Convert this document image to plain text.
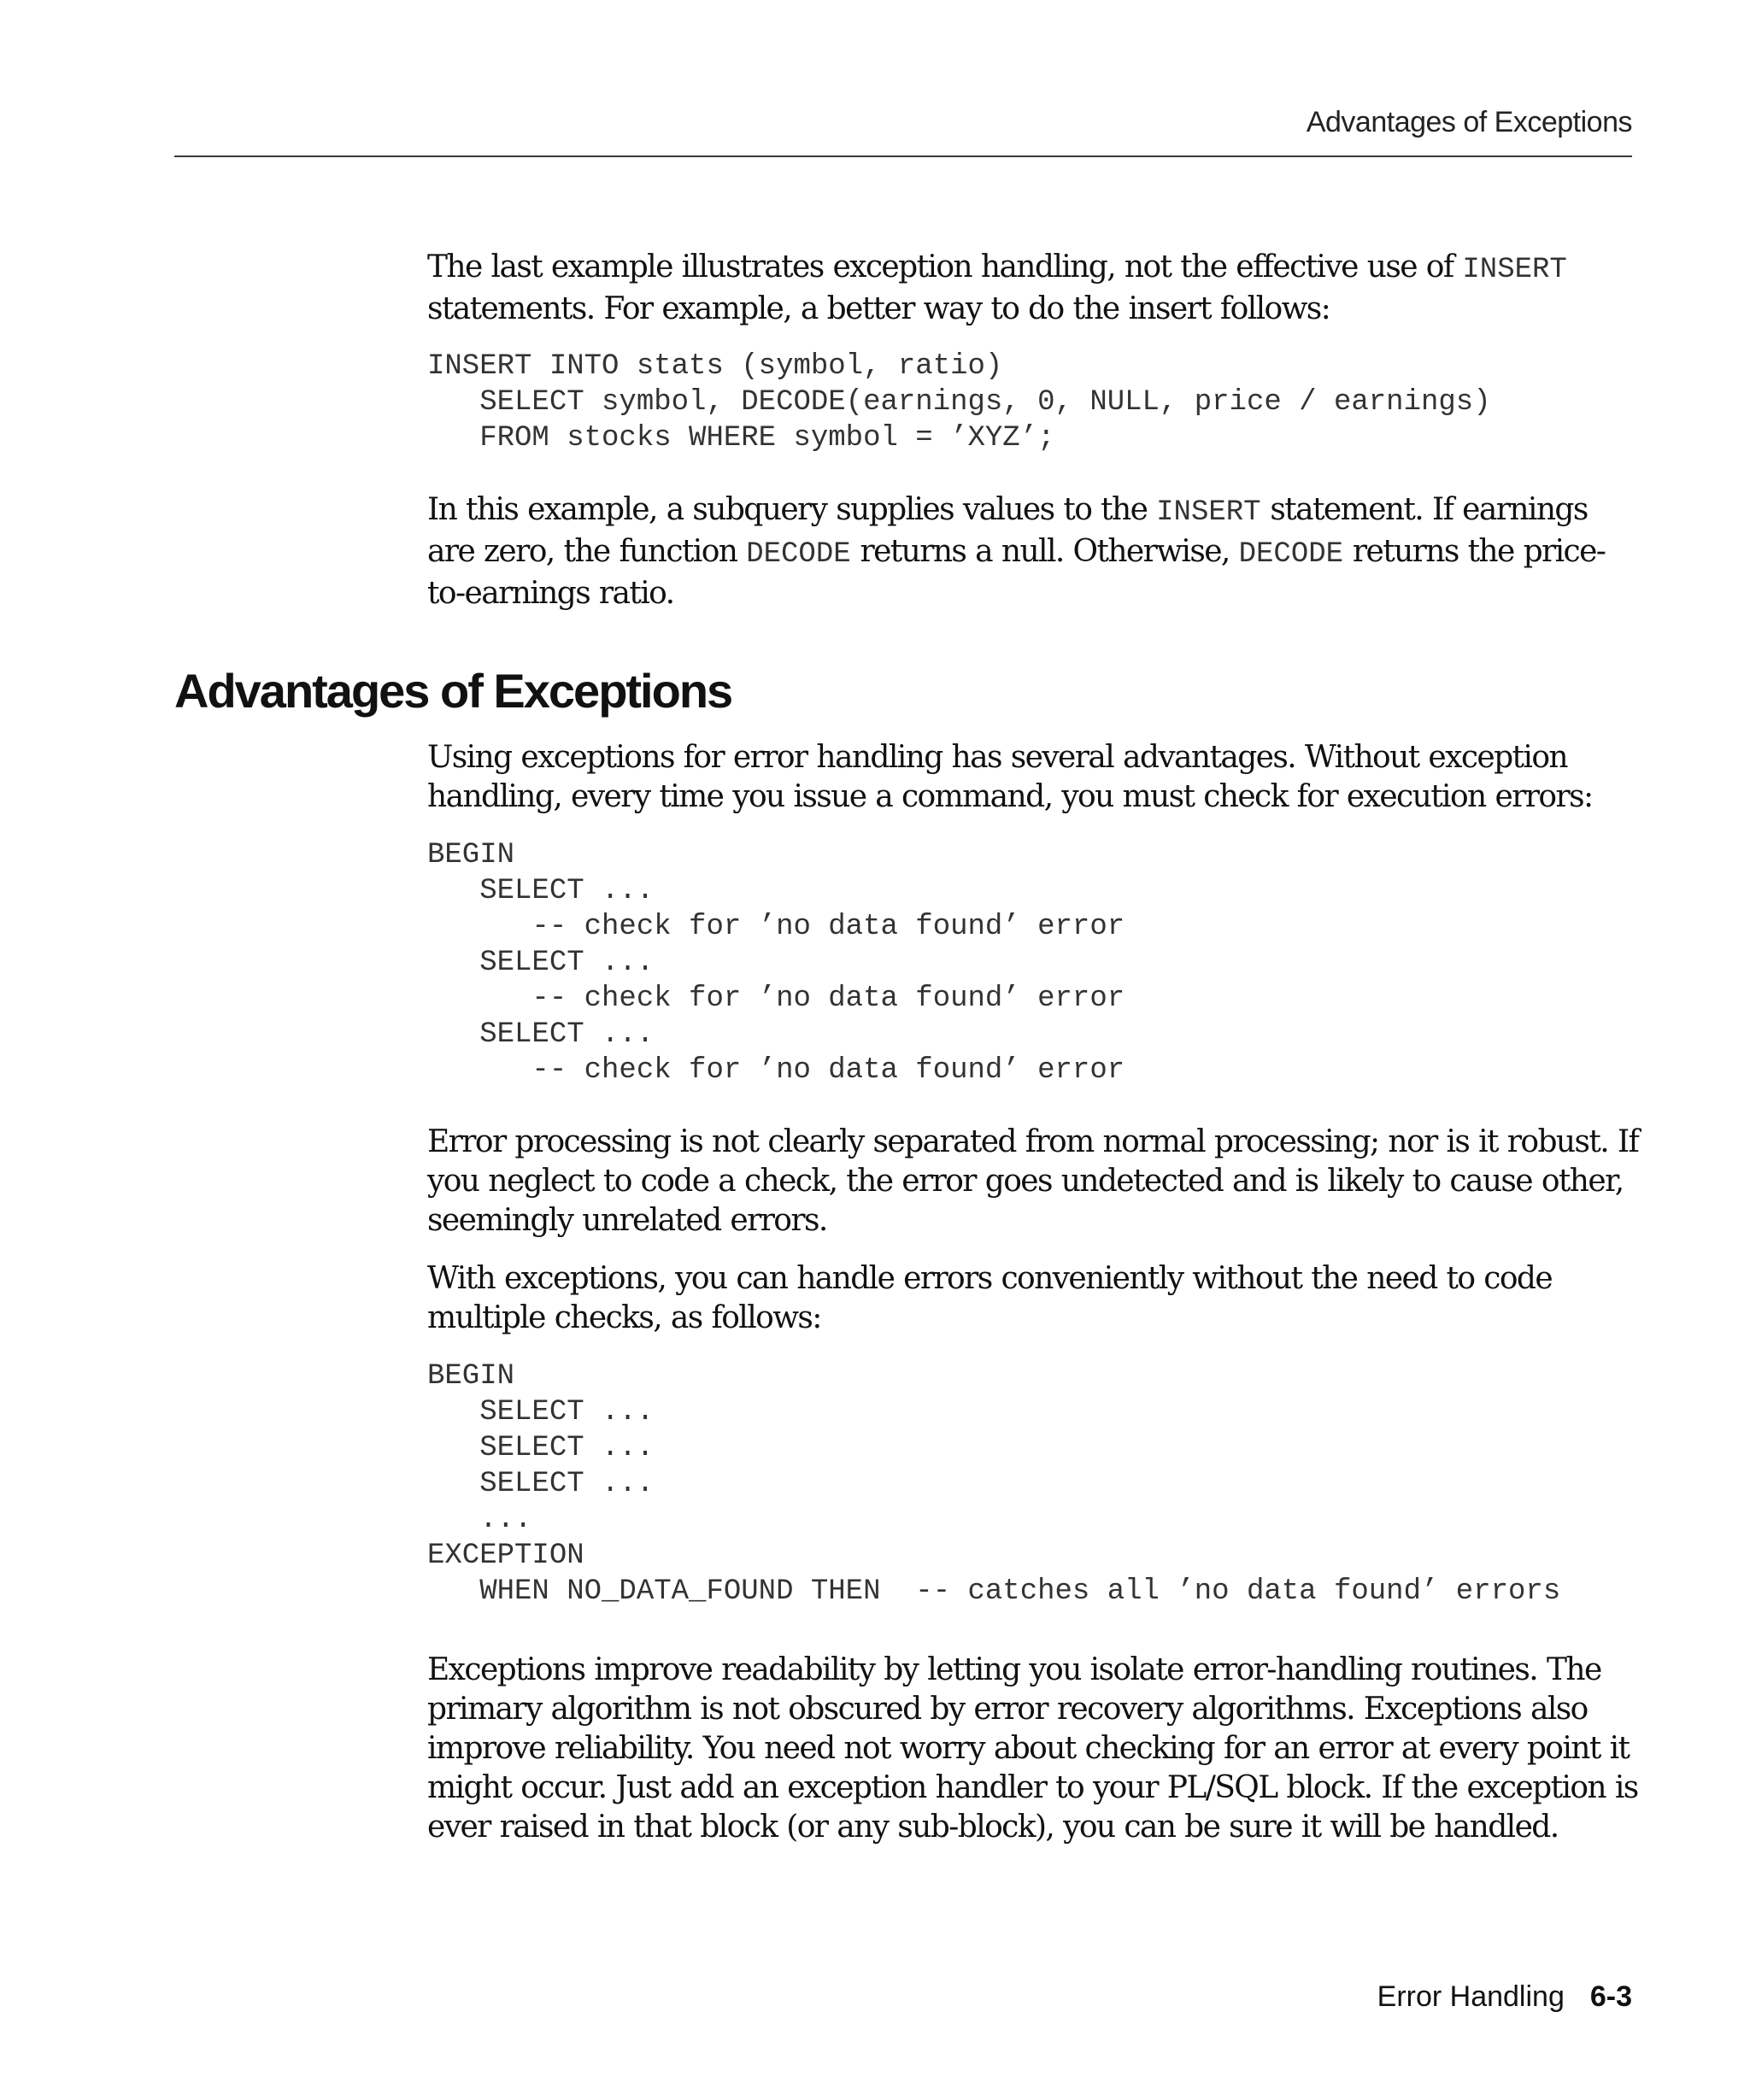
Advantages of Exceptions

The last example illustrates exception handling, not the effective use of INSERT statements. For example, a better way to do the insert follows:

INSERT INTO stats (symbol, ratio)
SELECT symbol, DECODE(earnings, 0, NULL, price / earnings)
FROM stocks WHERE symbol = ’XYZ’;

In this example, a subquery supplies values to the INSERT statement. If earnings are zero, the function DECODE returns a null. Otherwise, DECODE returns the price-to-earnings ratio.

Advantages of Exceptions

Using exceptions for error handling has several advantages. Without exception handling, every time you issue a command, you must check for execution errors:

BEGIN
SELECT ...
-- check for ’no data found’ error
SELECT ...
-- check for ’no data found’ error
SELECT ...
-- check for ’no data found’ error

Error processing is not clearly separated from normal processing; nor is it robust. If you neglect to code a check, the error goes undetected and is likely to cause other, seemingly unrelated errors.

With exceptions, you can handle errors conveniently without the need to code multiple checks, as follows:

BEGIN
SELECT ...
SELECT ...
SELECT ...
...
EXCEPTION
WHEN NO_DATA_FOUND THEN  -- catches all ’no data found’ errors

Exceptions improve readability by letting you isolate error-handling routines. The primary algorithm is not obscured by error recovery algorithms. Exceptions also improve reliability. You need not worry about checking for an error at every point it might occur. Just add an exception handler to your PL/SQL block. If the exception is ever raised in that block (or any sub-block), you can be sure it will be handled.

Error Handling 6-3
